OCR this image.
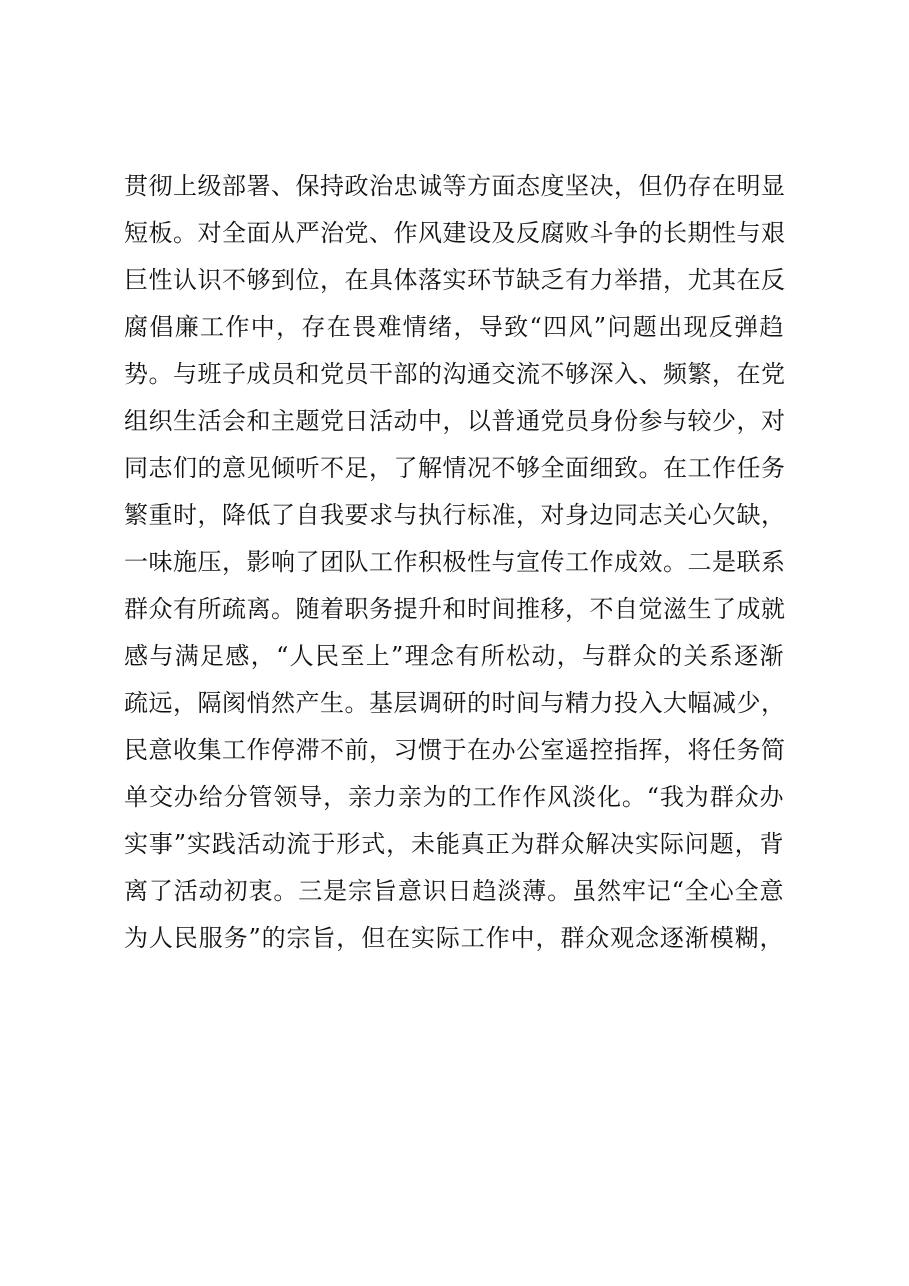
贯彻上级部署、保持政治忠诚等方面态度坚决，但仍存在明显
短板。对全面从严治党、作风建设及反腐败斗争的长期性与艰
巨性认识不够到位，在具体落实环节缺乏有力举措，尤其在反
腐倡廉工作中，存在畏难情绪，导致“四风”问题出现反弹趋
势。与班子成员和党员干部的沟通交流不够深入、频繁，在党
组织生活会和主题党日活动中，以普通党员身份参与较少，对
同志们的意见倾听不足，了解情况不够全面细致。在工作任务
繁重时，降低了自我要求与执行标准，对身边同志关心欠缺，
一味施压，影响了团队工作积极性与宣传工作成效。二是联系
群众有所疏离。随着职务提升和时间推移，不自觉滋生了成就
感与满足感，“人民至上”理念有所松动，与群众的关系逐渐
疏远，隔阂悄然产生。基层调研的时间与精力投入大幅减少，
民意收集工作停滞不前，习惯于在办公室遥控指挥，将任务简
单交办给分管领导，亲力亲为的工作作风淡化。“我为群众办
实事”实践活动流于形式，未能真正为群众解决实际问题，背
离了活动初衷。三是宗旨意识日趋淡薄。虽然牢记“全心全意
为人民服务”的宗旨，但在实际工作中，群众观念逐渐模糊，
